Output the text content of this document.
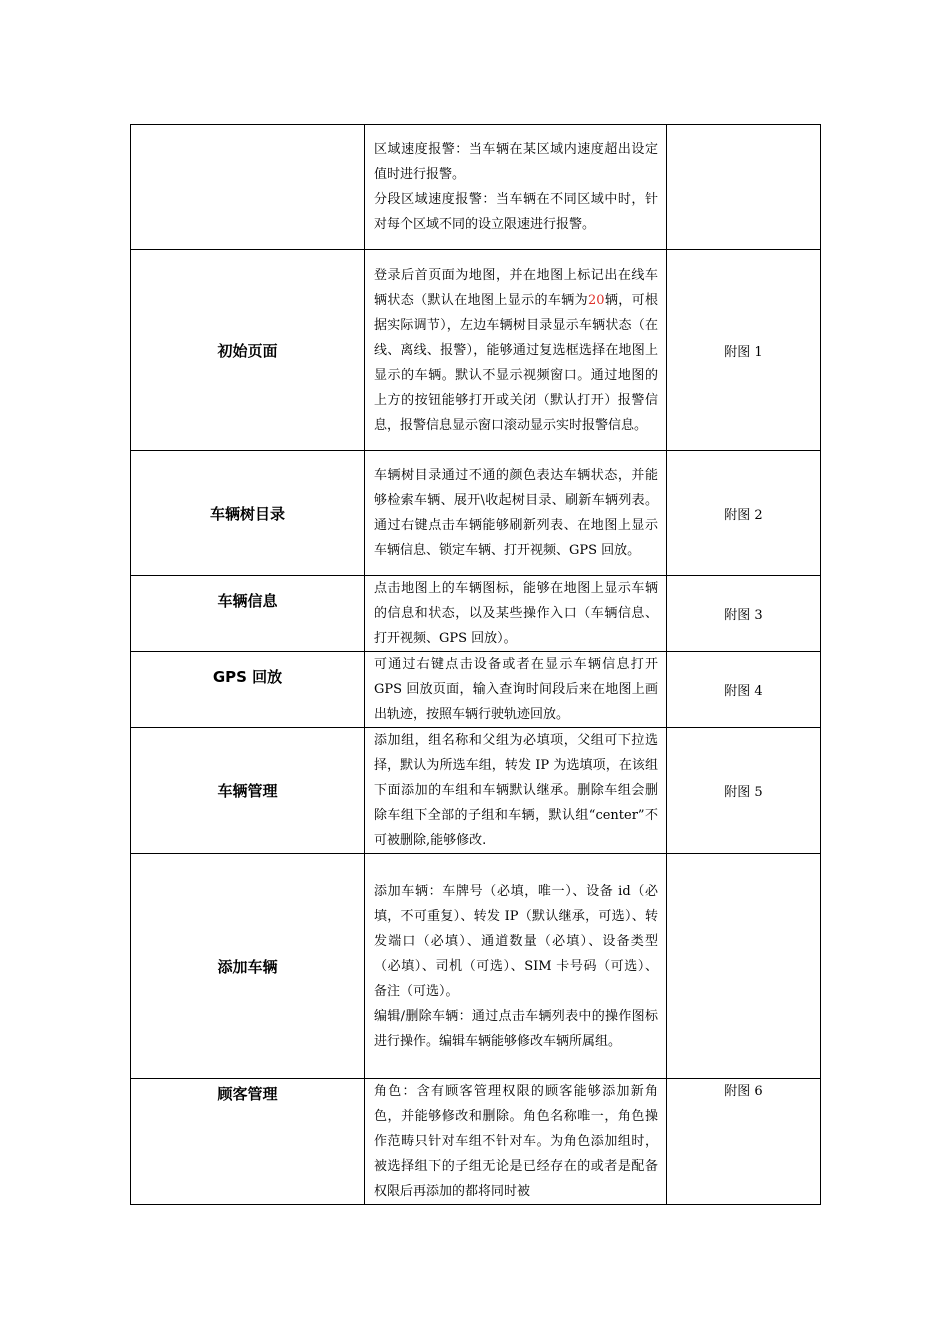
	区域速度报警：当车辆在某区域内速度超出设定值时进行报警。

分段区域速度报警：当车辆在不同区域中时，针对每个区域不同的设立限速进行报警。	

初始页面	登录后首页面为地图，并在地图上标记出在线车辆状态（默认在地图上显示的车辆为20辆，可根据实际调节），左边车辆树目录显示车辆状态（在线、离线、报警），能够通过复选框选择在地图上显示的车辆。默认不显示视频窗口。通过地图的上方的按钮能够打开或关闭（默认打开）报警信息，报警信息显示窗口滚动显示实时报警信息。	附图 1
车辆树目录	车辆树目录通过不通的颜色表达车辆状态，并能够检索车辆、展开\收起树目录、刷新车辆列表。 通过右键点击车辆能够刷新列表、在地图上显示车辆信息、锁定车辆、打开视频、GPS 回放。	附图 2
车辆信息	点击地图上的车辆图标，能够在地图上显示车辆的信息和状态，以及某些操作入口（车辆信息、打开视频、GPS 回放）。	附图 3
GPS 回放	可通过右键点击设备或者在显示车辆信息打开 GPS 回放页面，输入查询时间段后来在地图上画出轨迹，按照车辆行驶轨迹回放。	附图 4
车辆管理	添加组，组名称和父组为必填项，父组可下拉选择，默认为所选车组，转发 IP 为选填项，在该组下面添加的车组和车辆默认继承。删除车组会删除车组下全部的子组和车辆，默认组“center”不可被删除,能够修改.	附图 5
添加车辆	添加车辆：车牌号（必填，唯一）、设备 id（必填，不可重复）、转发 IP（默认继承，可选）、转发端口（必填）、通道数量（必填）、设备类型（必填）、司机（可选）、SIM 卡号码（可选）、备注（可选）。

编辑/删除车辆：通过点击车辆列表中的操作图标进行操作。编辑车辆能够修改车辆所属组。	

顾客管理	角色：含有顾客管理权限的顾客能够添加新角色，并能够修改和删除。角色名称唯一，角色操作范畴只针对车组不针对车。为角色添加组时，被选择组下的子组无论是已经存在的或者是配备权限后再添加的都将同时被	附图 6
